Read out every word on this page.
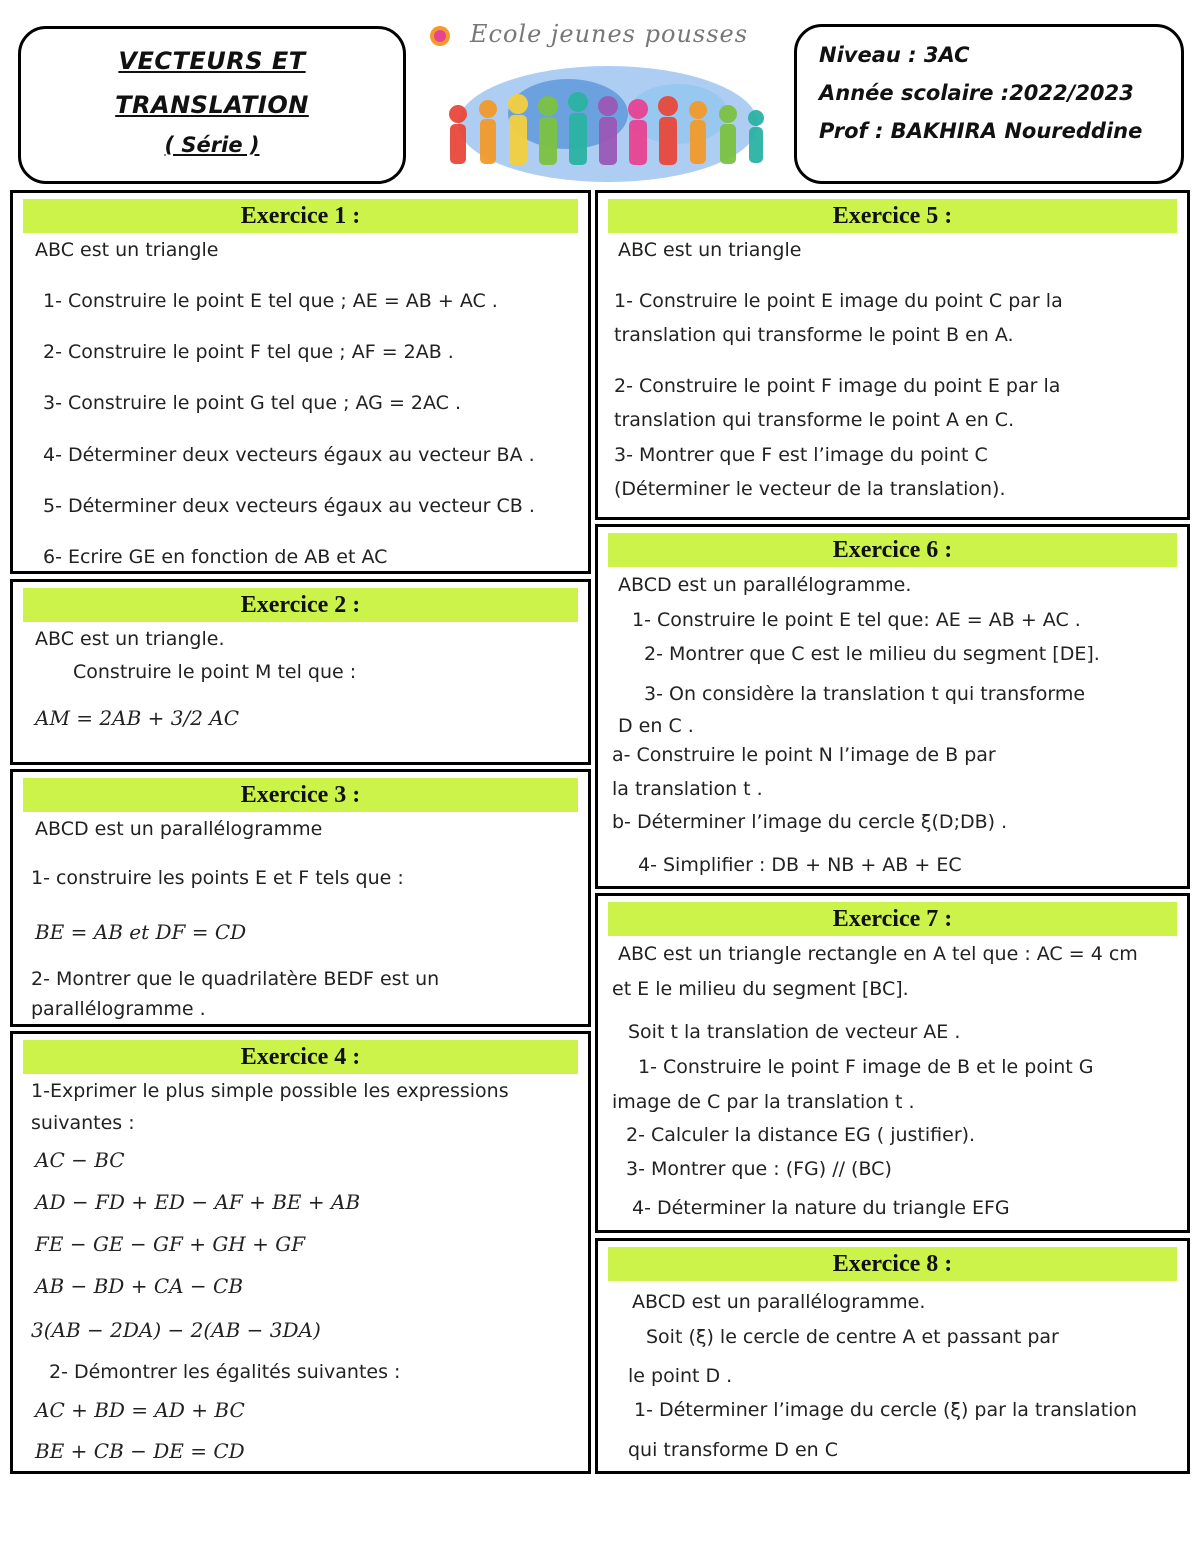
VECTEURS ET
TRANSLATION
( Série )
Ecole jeunes pousses
Niveau : 3AC
Année scolaire :2022/2023
Prof : BAKHIRA Noureddine
Exercice 1 :
ABC est un triangle
1- Construire le point E tel que ; AE = AB + AC .
2- Construire le point F tel que ; AF = 2AB .
3- Construire le point G tel que ; AG = 2AC .
4- Déterminer deux vecteurs égaux au vecteur BA .
5- Déterminer deux vecteurs égaux au vecteur CB .
6- Ecrire GE en fonction de AB et AC
Exercice 2 :
ABC est un triangle.
Construire le point M tel que :
AM = 2AB + 3/2 AC
Exercice 3 :
ABCD est un parallélogramme
1- construire les points E et F tels que :
BE = AB et DF = CD
2- Montrer que le quadrilatère BEDF est un
parallélogramme .
Exercice 4 :
1-Exprimer le plus simple possible les expressions
suivantes :
AC − BC
AD − FD + ED − AF + BE + AB
FE − GE − GF + GH + GF
AB − BD + CA − CB
3(AB − 2DA) − 2(AB − 3DA)
2- Démontrer les égalités suivantes :
AC + BD = AD + BC
BE + CB − DE = CD
Exercice 5 :
ABC est un triangle
1- Construire le point E image du point C par la
translation qui transforme le point B en A.
2- Construire le point F image du point E par la
translation qui transforme le point A en C.
3- Montrer que F est l’image du point C
(Déterminer le vecteur de la translation).
Exercice 6 :
ABCD est un parallélogramme.
1- Construire le point E tel que: AE = AB + AC .
2- Montrer que C est le milieu du segment [DE].
3- On considère la translation t qui transforme
D en C .
a- Construire le point N l’image de B par
la translation t .
b- Déterminer l’image du cercle ξ(D;DB) .
4- Simplifier : DB + NB + AB + EC
Exercice 7 :
ABC est un triangle rectangle en A tel que : AC = 4 cm
et E le milieu du segment [BC].
Soit t la translation de vecteur AE .
1- Construire le point F image de B et le point G
image de C par la translation t .
2- Calculer la distance EG ( justifier).
3- Montrer que : (FG) // (BC)
4- Déterminer la nature du triangle EFG
Exercice 8 :
ABCD est un parallélogramme.
Soit (ξ) le cercle de centre A et passant par
le point D .
1- Déterminer l’image du cercle (ξ) par la translation
qui transforme D en C
